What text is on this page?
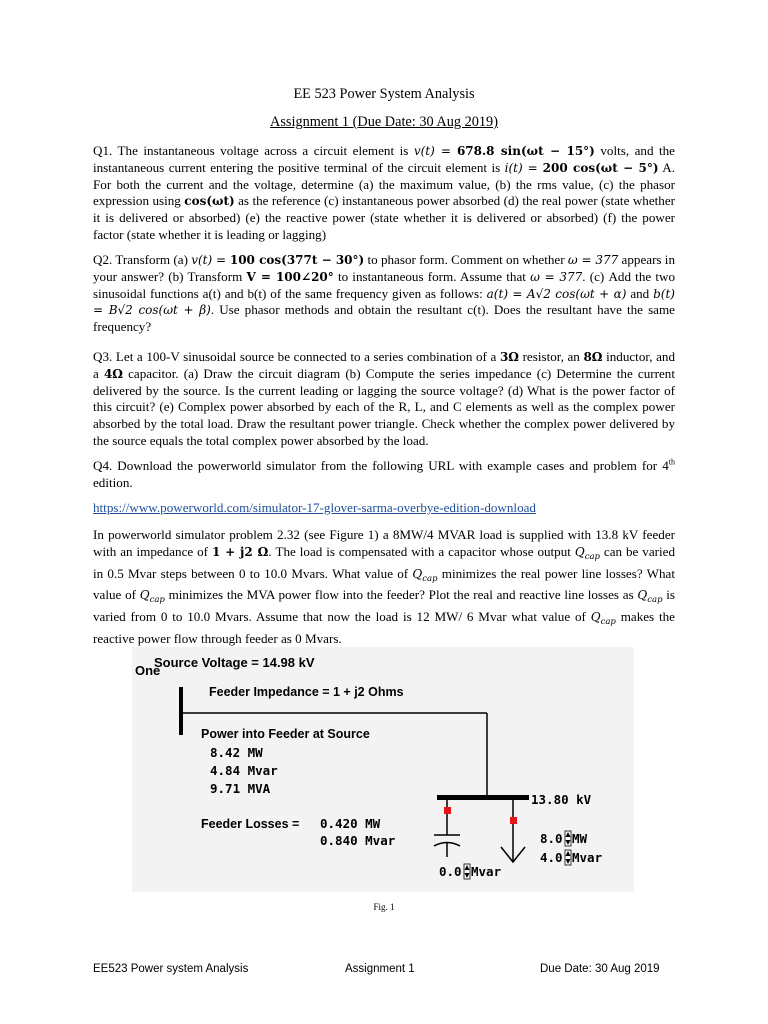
EE 523 Power System Analysis
Assignment 1 (Due Date: 30 Aug 2019)
Q1. The instantaneous voltage across a circuit element is v(t) = 678.8 sin(ωt − 15°) volts, and the instantaneous current entering the positive terminal of the circuit element is i(t) = 200 cos(ωt − 5°) A. For both the current and the voltage, determine (a) the maximum value, (b) the rms value, (c) the phasor expression using cos(ωt) as the reference (c) instantaneous power absorbed (d) the real power (state whether it is delivered or absorbed) (e) the reactive power (state whether it is delivered or absorbed) (f) the power factor (state whether it is leading or lagging)
Q2. Transform (a) v(t) = 100 cos(377t − 30°) to phasor form. Comment on whether ω = 377 appears in your answer? (b) Transform V = 100∠20° to instantaneous form. Assume that ω = 377. (c) Add the two sinusoidal functions a(t) and b(t) of the same frequency given as follows: a(t) = A√2 cos(ωt + α) and b(t) = B√2 cos(ωt + β). Use phasor methods and obtain the resultant c(t). Does the resultant have the same frequency?
Q3. Let a 100-V sinusoidal source be connected to a series combination of a 3Ω resistor, an 8Ω inductor, and a 4Ω capacitor. (a) Draw the circuit diagram (b) Compute the series impedance (c) Determine the current delivered by the source. Is the current leading or lagging the source voltage? (d) What is the power factor of this circuit? (e) Complex power absorbed by each of the R, L, and C elements as well as the complex power absorbed by the total load. Draw the resultant power triangle. Check whether the complex power delivered by the source equals the total complex power absorbed by the load.
Q4. Download the powerworld simulator from the following URL with example cases and problem for 4th edition.
https://www.powerworld.com/simulator-17-glover-sarma-overbye-edition-download
In powerworld simulator problem 2.32 (see Figure 1) a 8MW/4 MVAR load is supplied with 13.8 kV feeder with an impedance of 1 + j2 Ω. The load is compensated with a capacitor whose output $Q_{cap}$ can be varied in 0.5 Mvar steps between 0 to 10.0 Mvars. What value of $Q_{cap}$ minimizes the real power line losses? What value of $Q_{cap}$ minimizes the MVA power flow into the feeder? Plot the real and reactive line losses as $Q_{cap}$ is varied from 0 to 10.0 Mvars. Assume that now the load is 12 MW/ 6 Mvar what value of $Q_{cap}$ makes the reactive power flow through feeder as 0 Mvars.
One
Source Voltage = 14.98 kV
Feeder Impedance = 1 + j2 Ohms
Power into Feeder at Source
Feeder Losses =
8.42 MW
4.84 Mvar
9.71 MVA
0.420 MW
0.840 Mvar
13.80 kV
8.0 MW
4.0 Mvar
0.0 Mvar
Fig. 1
EE523 Power system Analysis	Assignment 1	Due Date: 30 Aug 2019
